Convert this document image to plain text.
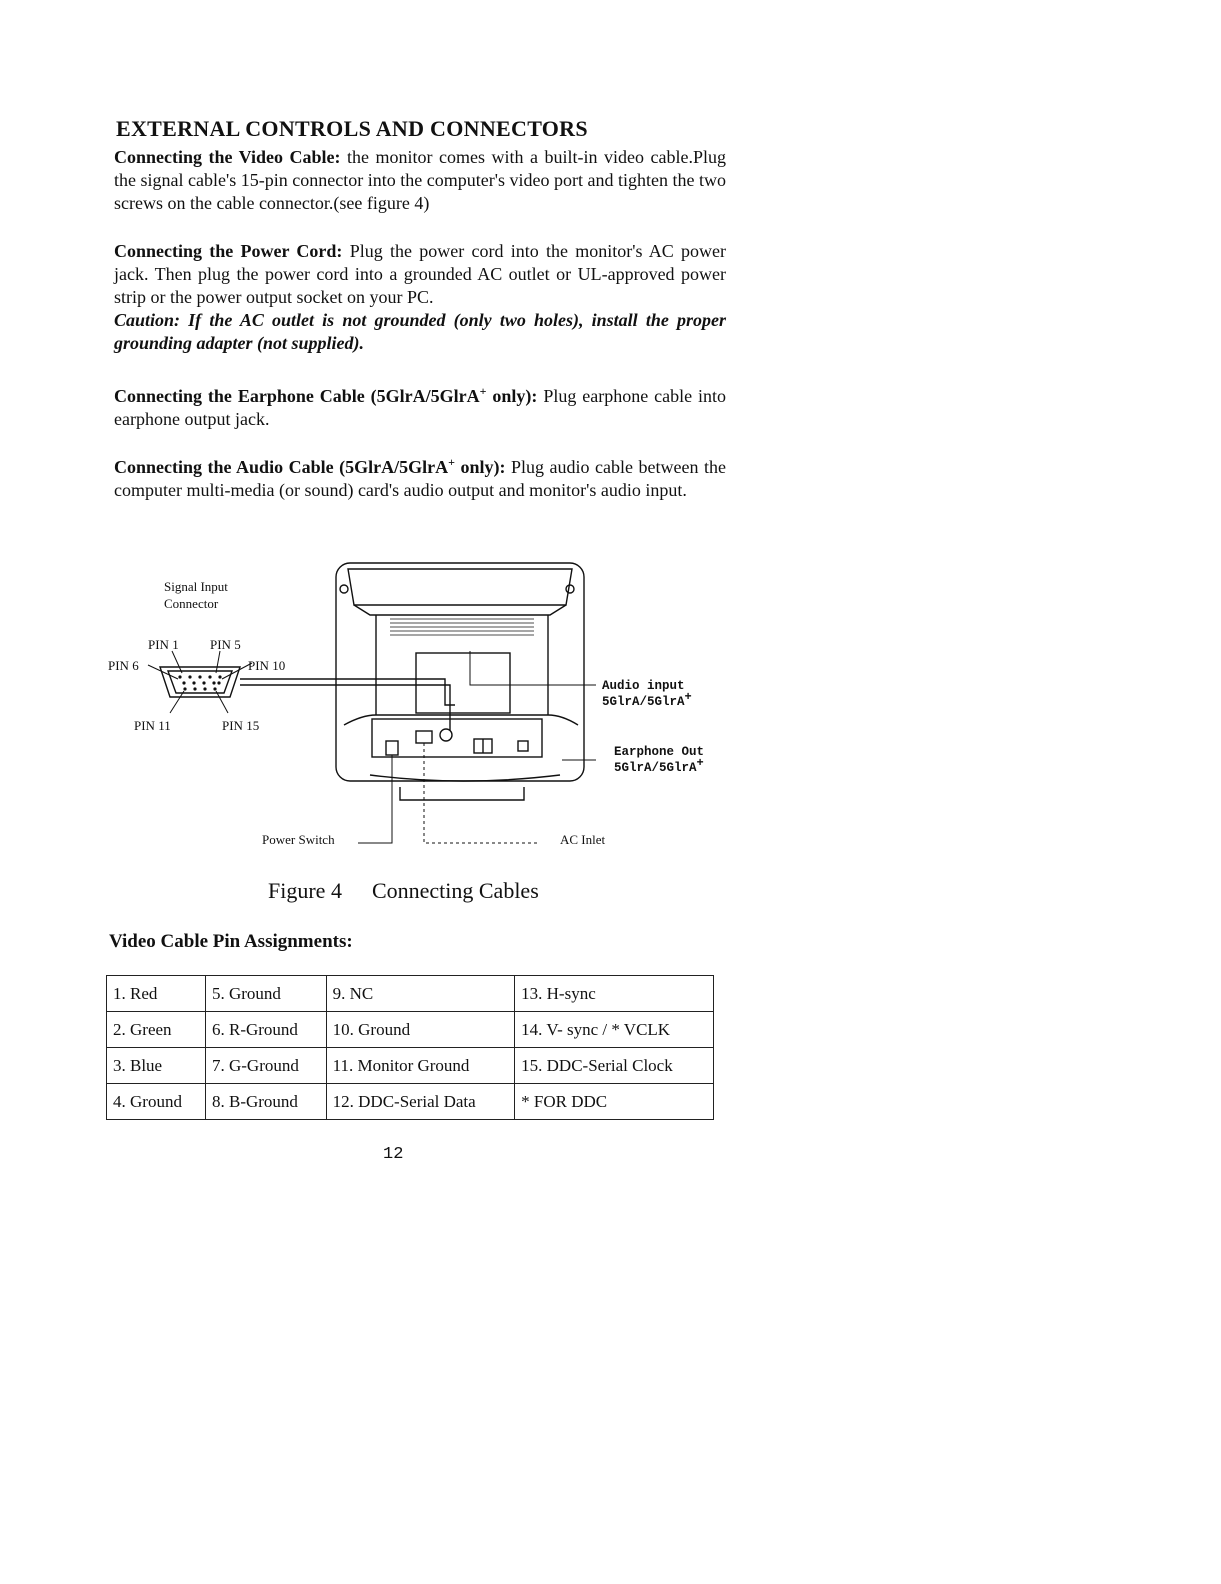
EXTERNAL CONTROLS AND CONNECTORS
Connecting the Video Cable: the monitor comes with a built-in video cable.Plug the signal cable's 15-pin connector into the computer's video port and tighten the two screws on the cable connector.(see figure 4)
Connecting the Power Cord: Plug the power cord into the monitor's AC power jack. Then plug the power cord into a grounded AC outlet or UL-approved power strip or the power output socket on your PC.
Caution: If the AC outlet is not grounded (only two holes), install the proper grounding adapter (not supplied).
Connecting the Earphone Cable (5GlrA/5GlrA+ only): Plug earphone cable into earphone output jack.
Connecting the Audio Cable (5GlrA/5GlrA+ only): Plug audio cable between the computer multi-media (or sound) card's audio output and monitor's audio input.
Signal Input
Connector
PIN 1 PIN 5
PIN 6	PIN 10
PIN 11	PIN 15
Audio input
5GlrA/5GlrA+
Earphone Out
5GlrA/5GlrA+
Power Switch	AC Inlet
Figure 4 Connecting Cables
Video Cable Pin Assignments:
1. Red	5. Ground	9. NC	13. H-sync
2. Green	6. R-Ground	10. Ground	14. V- sync / * VCLK
3. Blue	7. G-Ground	11. Monitor Ground	15. DDC-Serial Clock
4. Ground	8. B-Ground	12. DDC-Serial Data	* FOR DDC
12
